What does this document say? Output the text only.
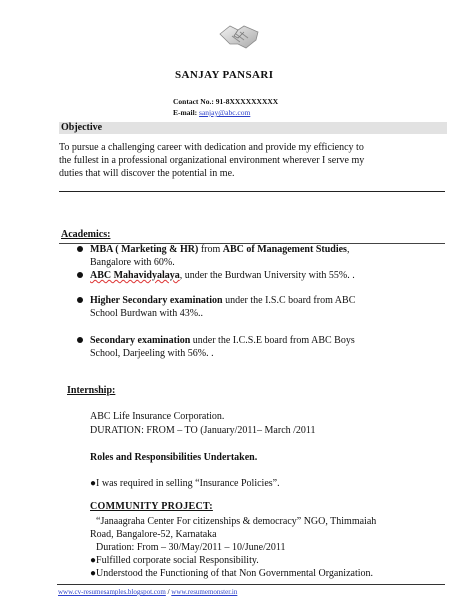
SANJAY PANSARI
Contact No.: 91-8XXXXXXXXX
E-mail: sanjay@abc.com
Objective
To pursue a challenging career with dedication and provide my efficiency to
the fullest in a professional organizational environment wherever I serve my
duties that will discover the potential in me.
Academics:
MBA ( Marketing & HR) from ABC of Management Studies,
Bangalore with 60%.
ABC Mahavidyalaya, under the Burdwan University with 55%. .
Higher Secondary examination under the I.S.C board from ABC
School Burdwan with 43%..
Secondary examination under the I.C.S.E board from ABC Boys
School, Darjeeling with 56%. .
Internship:
ABC Life Insurance Corporation.
DURATION: FROM – TO (January/2011– March /2011
Roles and Responsibilities Undertaken.
●I was required in selling “Insurance Policies”.
COMMUNITY PROJECT:
“Janaagraha Center For citizenships & democracy” NGO, Thimmaiah
Road, Bangalore-52, Karnataka
Duration: From – 30/May/2011 – 10/June/2011
●Fulfilled corporate social Responsibility.
●Understood the Functioning of that Non Governmental Organization.
www.cv-resumesamples.blogspot.com / www.resumemonster.in
